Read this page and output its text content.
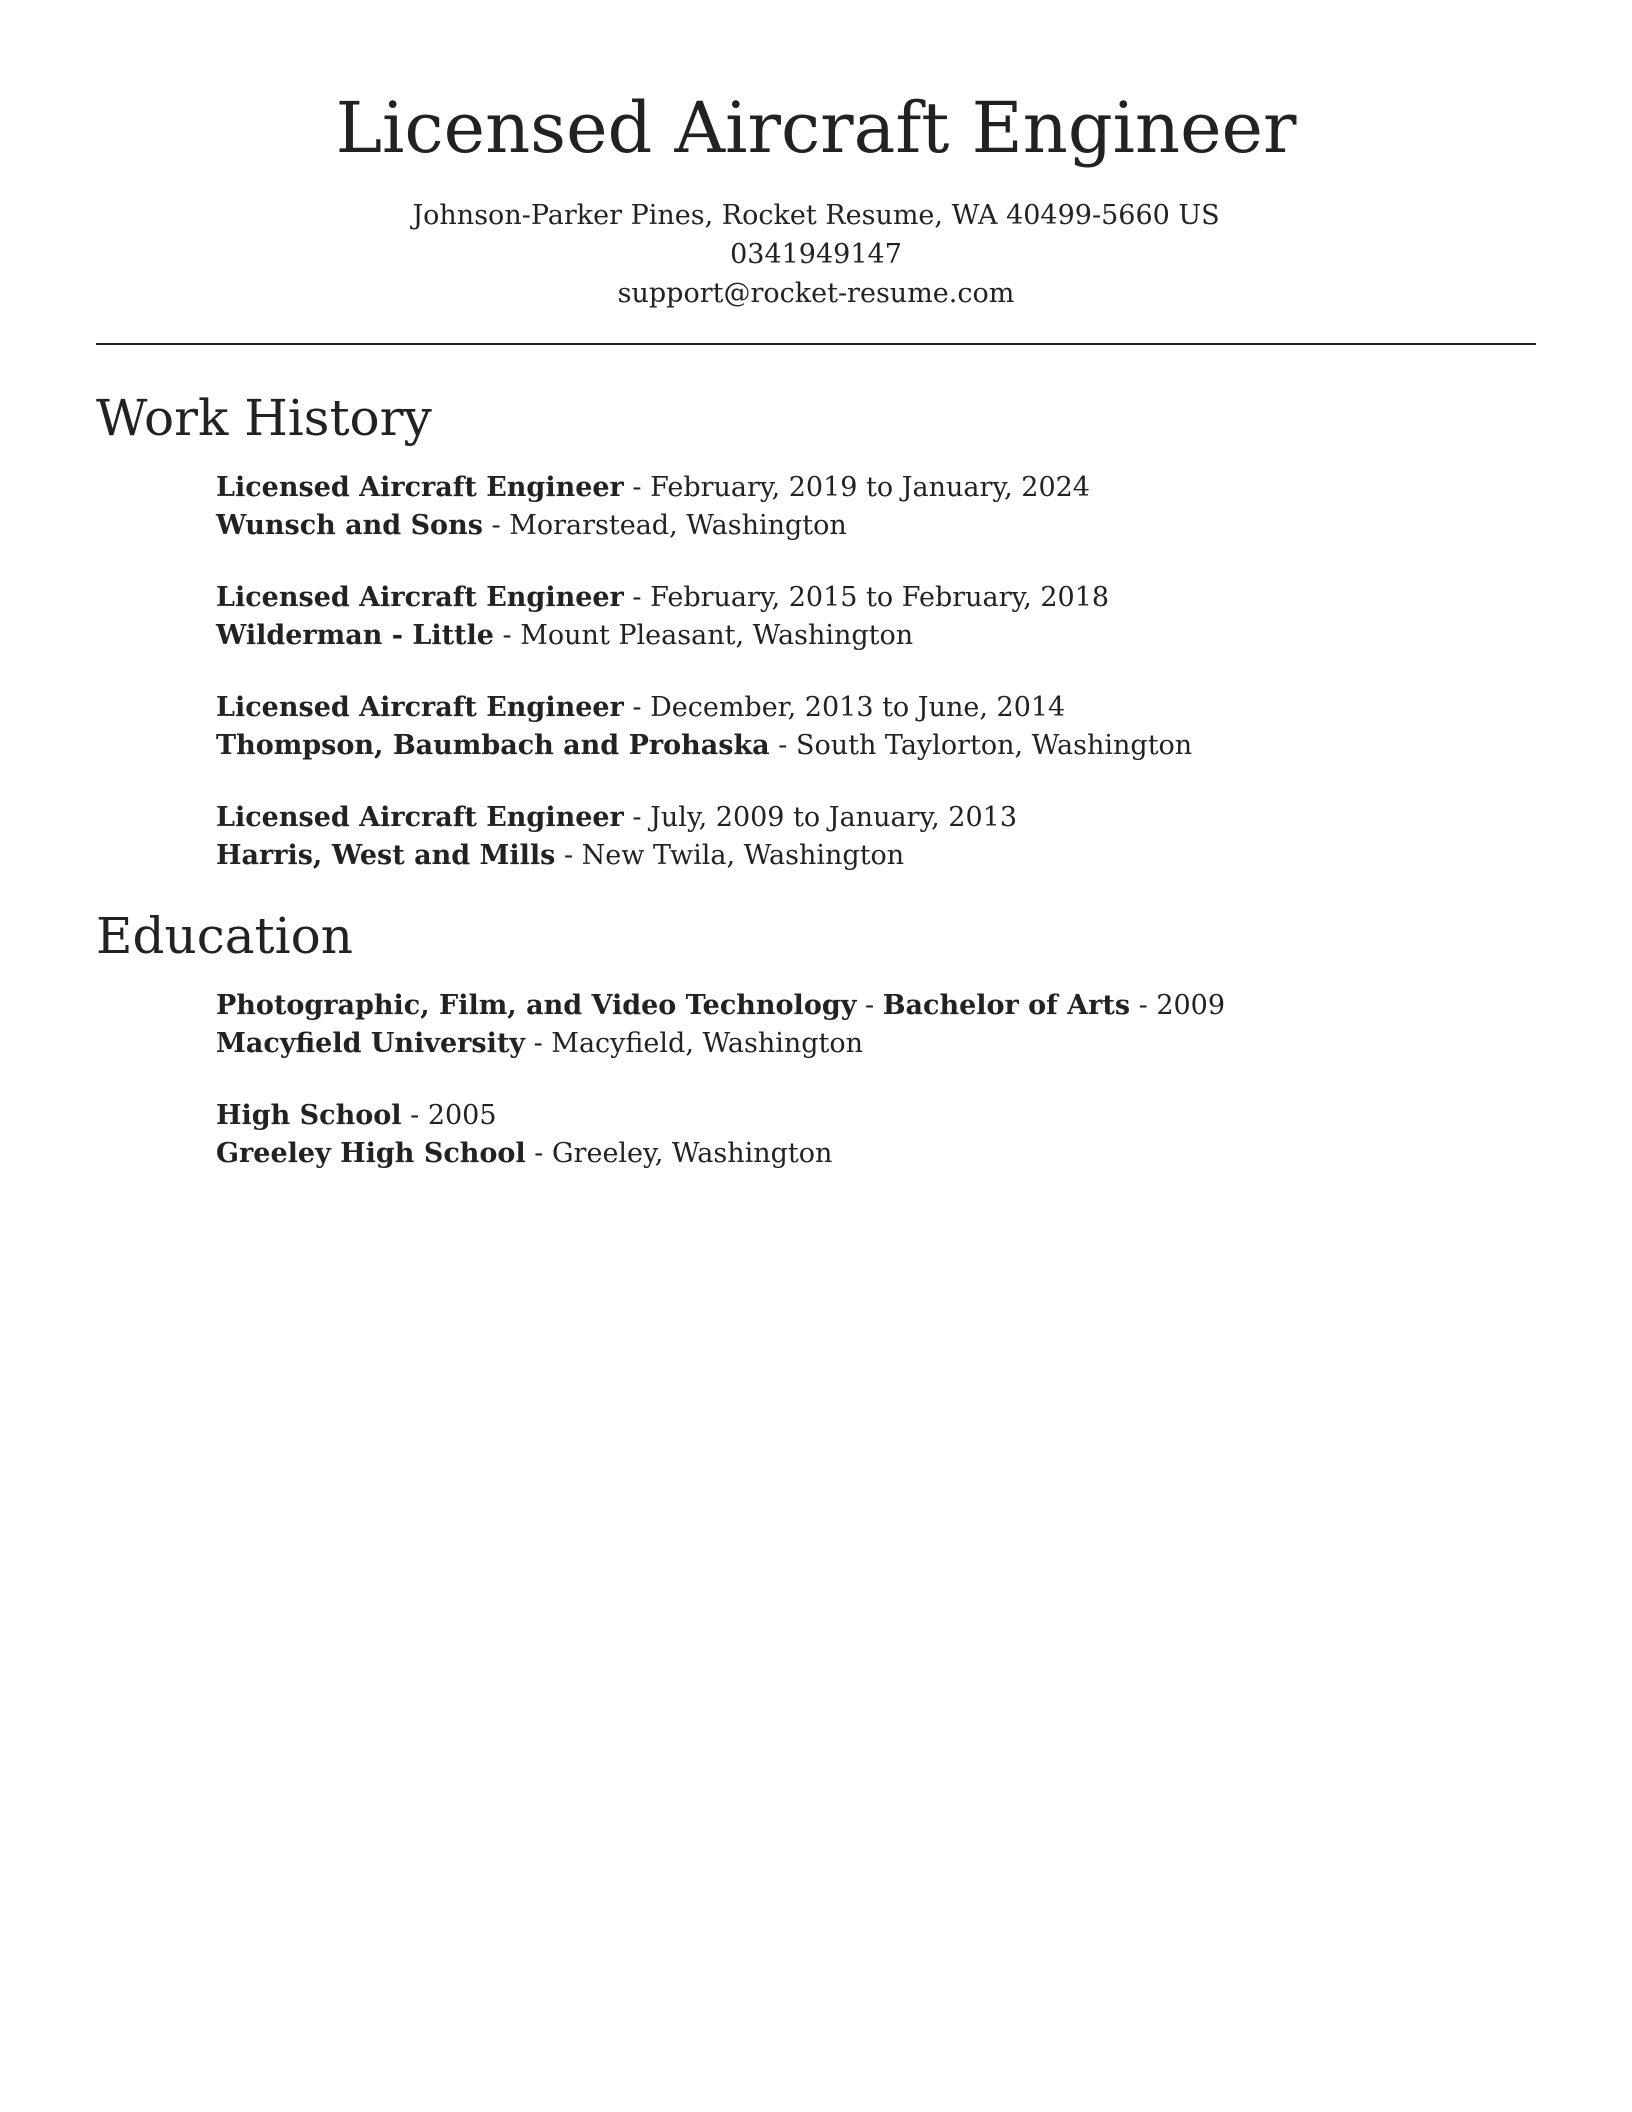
Licensed Aircraft Engineer

Johnson-Parker Pines, Rocket Resume, WA 40499-5660 US

0341949147

support@rocket-resume.com

Work History

Licensed Aircraft Engineer - February, 2019 to January, 2024

Wunsch and Sons - Morarstead, Washington

Licensed Aircraft Engineer - February, 2015 to February, 2018

Wilderman - Little - Mount Pleasant, Washington

Licensed Aircraft Engineer - December, 2013 to June, 2014

Thompson, Baumbach and Prohaska - South Taylorton, Washington

Licensed Aircraft Engineer - July, 2009 to January, 2013

Harris, West and Mills - New Twila, Washington

Education

Photographic, Film, and Video Technology - Bachelor of Arts - 2009

Macyfield University - Macyfield, Washington

High School - 2005

Greeley High School - Greeley, Washington
